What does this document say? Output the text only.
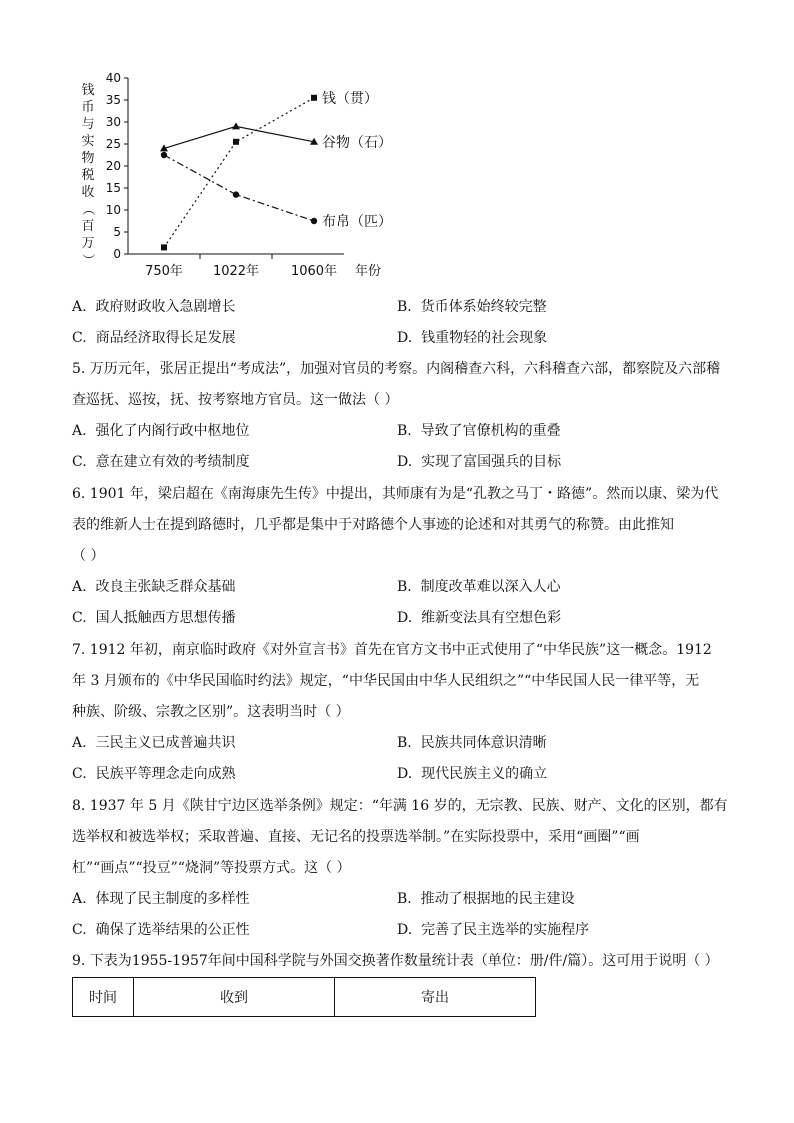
钱
币
与
实
物
税
收
（
百
万
） 0
5
10
15
20
25
30
35
40
750年 1022年 1060年 年份
钱（贯）
谷物（石）
布帛（匹）
A. 政府财政收入急剧增长	B. 货币体系始终较完整
C. 商品经济取得长足发展	D. 钱重物轻的社会现象
5. 万历元年，张居正提出“考成法”，加强对官员的考察。内阁稽查六科，六科稽查六部，都察院及六部稽
查巡抚、巡按，抚、按考察地方官员。这一做法（ ）
A. 强化了内阁行政中枢地位	B. 导致了官僚机构的重叠
C. 意在建立有效的考绩制度	D. 实现了富国强兵的目标
6. 1901 年，梁启超在《南海康先生传》中提出，其师康有为是“孔教之马丁・路德”。然而以康、梁为代
表的维新人士在提到路德时，几乎都是集中于对路德个人事迹的论述和对其勇气的称赞。由此推知
（ ）
A. 改良主张缺乏群众基础	B. 制度改革难以深入人心
C. 国人抵触西方思想传播	D. 维新变法具有空想色彩
7. 1912 年初，南京临时政府《对外宣言书》首先在官方文书中正式使用了“中华民族”这一概念。1912
年 3 月颁布的《中华民国临时约法》规定，“中华民国由中华人民组织之”“中华民国人民一律平等，无
种族、阶级、宗教之区别”。这表明当时（ ）
A. 三民主义已成普遍共识	B. 民族共同体意识清晰
C. 民族平等理念走向成熟	D. 现代民族主义的确立
8. 1937 年 5 月《陕甘宁边区选举条例》规定：“年满 16 岁的，无宗教、民族、财产、文化的区别，都有
选举权和被选举权；采取普遍、直接、无记名的投票选举制。”在实际投票中，采用“画圈”“画
杠”“画点”“投豆”“烧洞”等投票方式。这（ ）
A. 体现了民主制度的多样性	B. 推动了根据地的民主建设
C. 确保了选举结果的公正性	D. 完善了民主选举的实施程序
9. 下表为1955-1957年间中国科学院与外国交换著作数量统计表（单位：册/件/篇）。这可用于说明（ ）
时间	收到	寄出
